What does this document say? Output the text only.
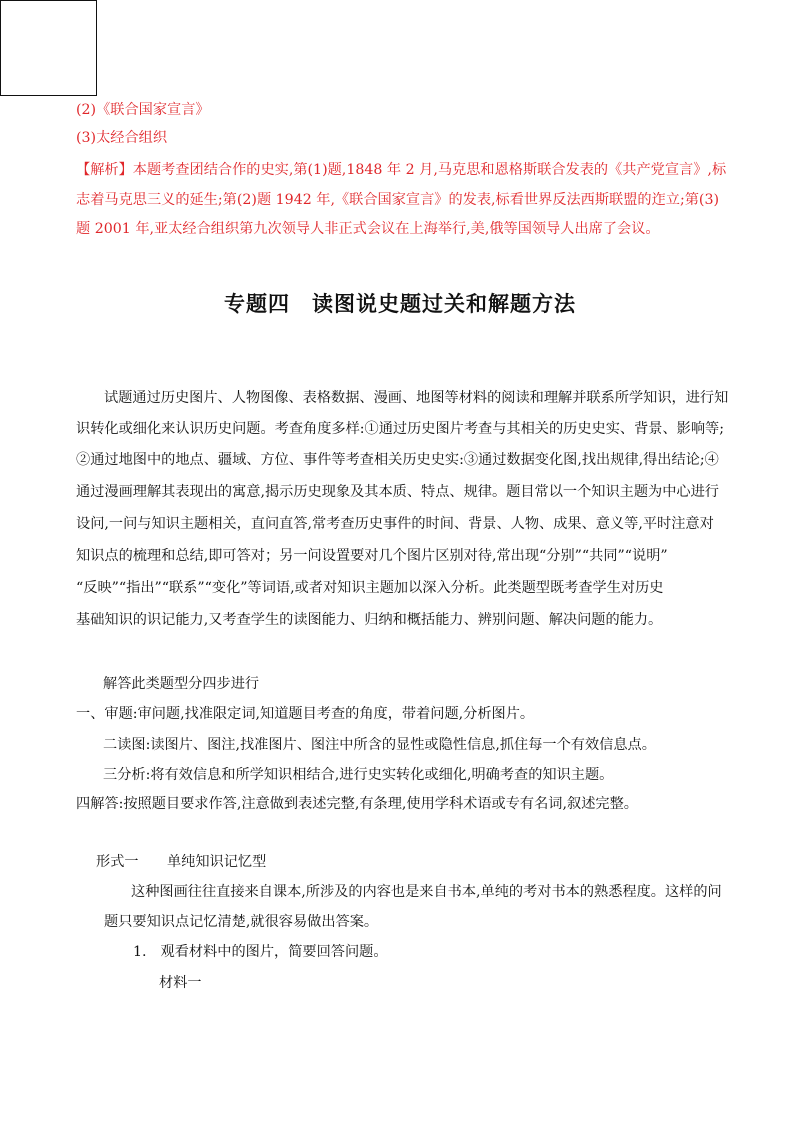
(2)《联合国家宣言》
(3)太经合组织
【解析】本题考查团结合作的史实,第(1)题,1848 年 2 月,马克思和恩格斯联合发表的《共产党宣言》,标
志着马克思三义的延生;第(2)题 1942 年,《联合国家宣言》的发表,标看世界反法西斯联盟的迮立;第(3)
题 2001 年,亚太经合组织第九次领导人非正式会议在上海举行,美,俄等国领导人出席了会议。
专题四　读图说史题过关和解题方法
试题通过历史图片、人物图像、表格数据、漫画、地图等材料的阅读和理解并联系所学知识，进行知
识转化或细化来认识历史问题。考查角度多样:①通过历史图片考查与其相关的历史史实、背景、影响等;
②通过地图中的地点、疆域、方位、事件等考查相关历史史实:③通过数据变化图,找出规律,得出结论;④
通过漫画理解其表现出的寓意,揭示历史现象及其本质、特点、规律。题目常以一个知识主题为中心进行
设问,一问与知识主题相关，直问直答,常考查历史事件的时间、背景、人物、成果、意义等,平时注意对
知识点的梳理和总结,即可答对；另一问设置要对几个图片区别对待,常出现“分别”“共同”“说明”
“反映”“指出”“联系”“变化”等词语,或者对知识主题加以深入分析。此类题型既考查学生对历史
基础知识的识记能力,又考查学生的读图能力、归纳和概括能力、辨别问题、解决问题的能力。
解答此类题型分四步进行
一、审题:审问题,找准限定词,知道题目考查的角度，带着问题,分析图片。
二读图:读图片、图注,找准图片、图注中所含的显性或隐性信息,抓住每一个有效信息点。
三分析:将有效信息和所学知识相结合,进行史实转化或细化,明确考查的知识主题。
四解答:按照题目要求作答,注意做到表述完整,有条理,使用学科术语或专有名词,叙述完整。
形式一　　单纯知识记忆型
这种图画往往直接来自课本,所涉及的内容也是来自书本,单纯的考对书本的熟悉程度。这样的问
题只要知识点记忆清楚,就很容易做出答案。
1. 观看材料中的图片，简要回答问题。
材料一
